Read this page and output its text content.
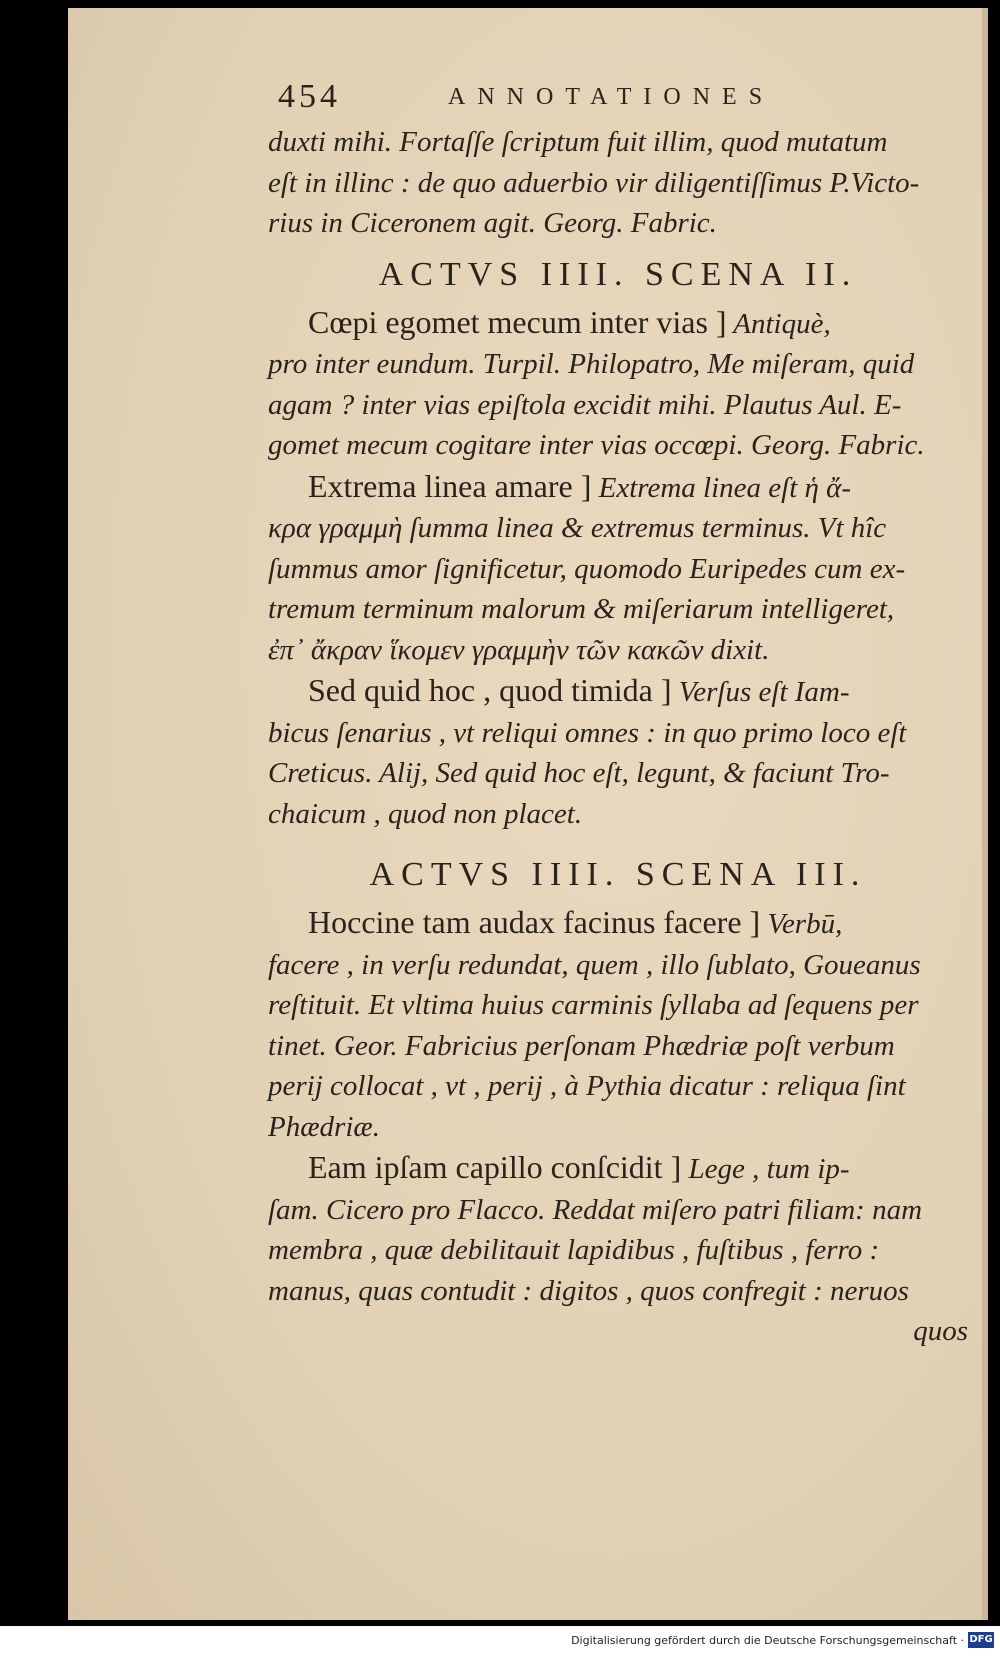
454	ANNOTATIONES
duxti mihi. Fortaſſe ſcriptum fuit illim, quod mutatum
eſt in illinc : de quo aduerbio vir diligentiſſimus P.Victo-
rius in Ciceronem agit. Georg. Fabric.
ACTVS IIII. SCENA II.
Cœpi egomet mecum inter vias ] Antiquè,
pro inter eundum. Turpil. Philopatro, Me miſeram, quid
agam ? inter vias epiſtola excidit mihi. Plautus Aul. E-
gomet mecum cogitare inter vias occœpi. Georg. Fabric.
Extrema linea amare ] Extrema linea eſt ἡ ἄ-
κρα γραμμὴ ſumma linea & extremus terminus. Vt hîc
ſummus amor ſignificetur, quomodo Euripedes cum ex-
tremum terminum malorum & miſeriarum intelligeret,
ἐπ᾽ ἄκραν ἵκομεν γραμμὴν τῶν κακῶν dixit.
Sed quid hoc , quod timida ] Verſus eſt Iam-
bicus ſenarius , vt reliqui omnes : in quo primo loco eſt
Creticus. Alij, Sed quid hoc eſt, legunt, & faciunt Tro-
chaicum , quod non placet.
ACTVS IIII. SCENA III.
Hoccine tam audax facinus facere ] Verbū,
facere , in verſu redundat, quem , illo ſublato, Goueanus
reſtituit. Et vltima huius carminis ſyllaba ad ſequens per
tinet. Geor. Fabricius perſonam Phædriæ poſt verbum
perij collocat , vt , perij , à Pythia dicatur : reliqua ſint
Phædriæ.
Eam ipſam capillo conſcidit ] Lege , tum ip-
ſam. Cicero pro Flacco. Reddat miſero patri filiam: nam
membra , quæ debilitauit lapidibus , fuſtibus , ferro :
manus, quas contudit : digitos , quos confregit : neruos
quos
Digitalisierung gefördert durch die Deutsche Forschungsgemeinschaft · DFG
